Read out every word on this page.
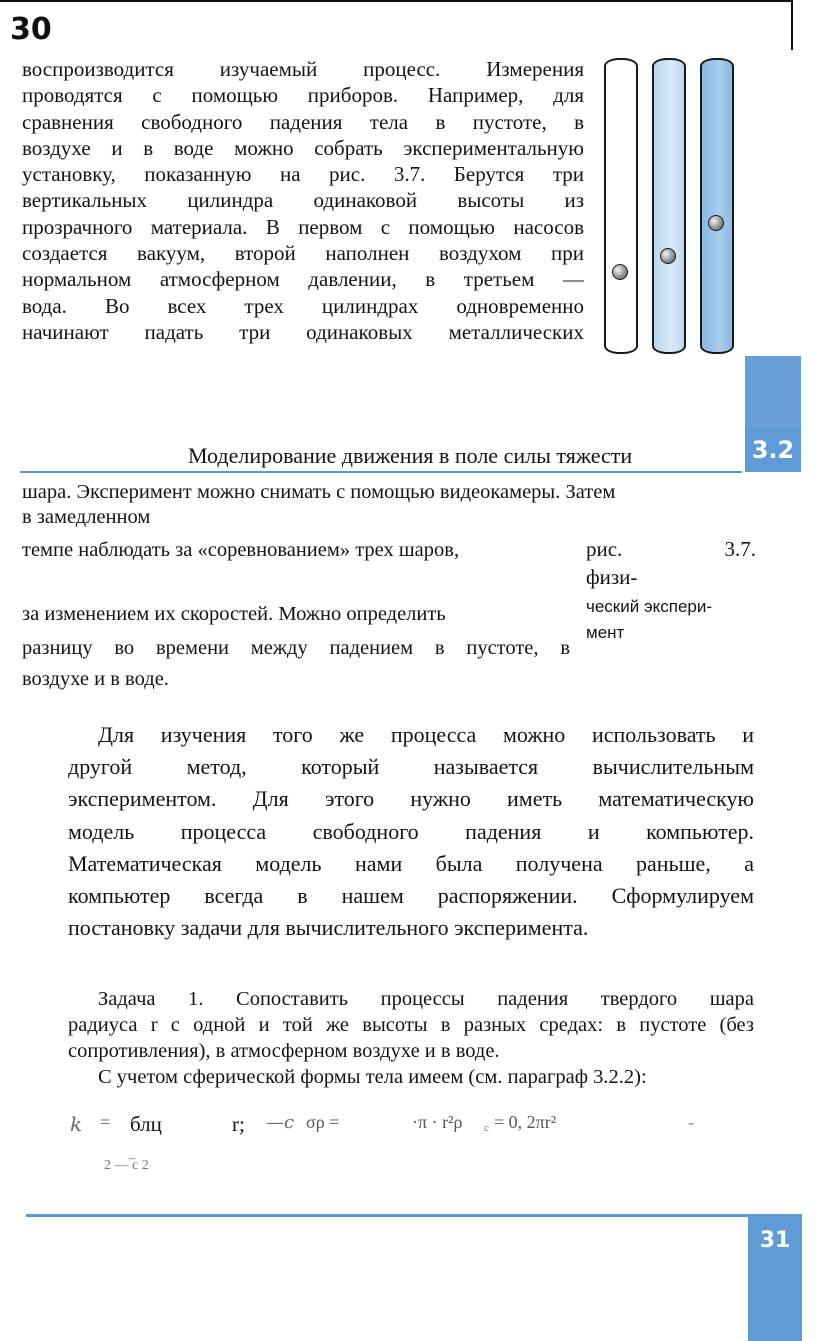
30
воспроизводится изучаемый процесс. Измерения
проводятся с помощью приборов. Например, для
сравнения свободного падения тела в пустоте, в
воздухе и в воде можно собрать экспериментальную
установку, показанную на рис. 3.7. Берутся три
вертикальных цилиндра одинаковой высоты из
прозрачного материала. В первом с помощью насосов
создается вакуум, второй наполнен воздухом при
нормальном атмосферном давлении, в третьем —
вода. Во всех трех цилиндрах одновременно
начинают падать три одинаковых металлических
3.2
Моделирование движения в поле силы тяжести
шара. Эксперимент можно снимать с помощью видеокамеры. Затем
в замедленном
темпе наблюдать за «соревнованием» трех шаров,
за изменением их скоростей. Можно определить
разницу во времени между падением в пустоте, в
воздухе и в воде.
рис.	3.7.
физи-
ческий экспери-
мент
Для изучения того же процесса можно использовать и
другой метод, который называется вычислительным
экспериментом. Для этого нужно иметь математическую
модель процесса свободного падения и компьютер.
Математическая модель нами была получена раньше, а
компьютер всегда в нашем распоряжении. Сформулируем
постановку задачи для вычислительного эксперимента.
Задача 1. Сопоставить процессы падения твердого шара
радиуса r с одной и той же высоты в разных средах: в пустоте (без
сопротивления), в атмосферном воздухе и в воде.
С учетом сферической формы тела имеем (см. параграф 3.2.2):
k = блц	r; —c σρ =	·π · r²ρ c = 0, 2πr²	-
2 — ̅c 2
31
